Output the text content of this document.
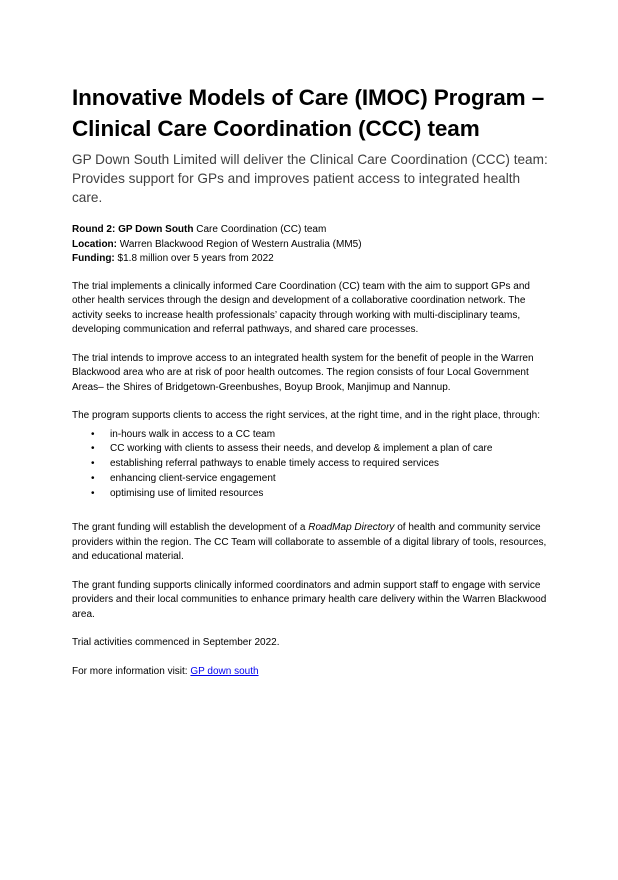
Innovative Models of Care (IMOC) Program –
Clinical Care Coordination (CCC) team

GP Down South Limited will deliver the Clinical Care Coordination (CCC) team: Provides support for GPs and improves patient access to integrated health care.

Round 2: GP Down South Care Coordination (CC) team
Location: Warren Blackwood Region of Western Australia (MM5)
Funding: $1.8 million over 5 years from 2022

The trial implements a clinically informed Care Coordination (CC) team with the aim to support GPs and other health services through the design and development of a collaborative coordination network. The activity seeks to increase health professionals’ capacity through working with multi-disciplinary teams, developing communication and referral pathways, and shared care processes.

The trial intends to improve access to an integrated health system for the benefit of people in the Warren Blackwood area who are at risk of poor health outcomes. The region consists of four Local Government Areas– the Shires of Bridgetown-Greenbushes, Boyup Brook, Manjimup and Nannup.

The program supports clients to access the right services, at the right time, and in the right place, through:

• in-hours walk in access to a CC team
• CC working with clients to assess their needs, and develop & implement a plan of care
• establishing referral pathways to enable timely access to required services
• enhancing client-service engagement
• optimising use of limited resources

The grant funding will establish the development of a RoadMap Directory of health and community service providers within the region. The CC Team will collaborate to assemble of a digital library of tools, resources, and educational material.

The grant funding supports clinically informed coordinators and admin support staff to engage with service providers and their local communities to enhance primary health care delivery within the Warren Blackwood area.

Trial activities commenced in September 2022.

For more information visit: GP down south
